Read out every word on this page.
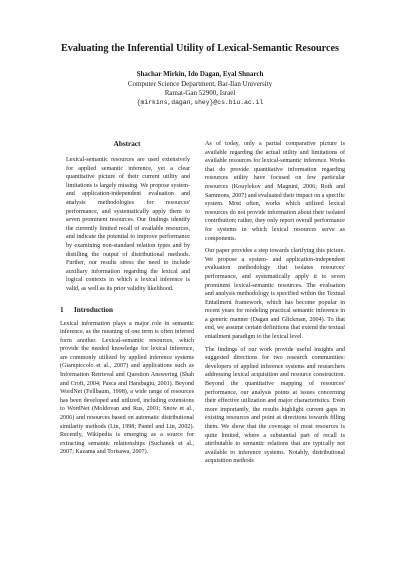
Evaluating the Inferential Utility of Lexical-Semantic Resources
Shachar Mirkin, Ido Dagan, Eyal Shnarch
Computer Science Department, Bar-Ilan University
Ramat-Gan 52900, Israel
{mirkins,dagan,shey}@cs.biu.ac.il
Abstract

Lexical-semantic resources are used extensively for applied semantic inference, yet a clear quantitative picture of their current utility and limitations is largely missing. We propose system- and application-independent evaluation and analysis methodologies for resources' performance, and systematically apply them to seven prominent resources. Our findings identify the currently limited recall of available resources, and indicate the potential to improve performance by examining non-standard relation types and by distilling the output of distributional methods. Further, our results stress the need to include auxiliary information regarding the lexical and logical contexts in which a lexical inference is valid, as well as its prior validity likelihood.

1 Introduction

Lexical information plays a major role in semantic inference, as the meaning of one term is often inferred form another. Lexical-semantic resources, which provide the needed knowledge for lexical inference, are commonly utilized by applied inference systems (Giampiccolo et al., 2007) and applications such as Information Retrieval and Question Answering (Shah and Croft, 2004; Pasca and Harabagiu, 2001). Beyond WordNet (Fellbaum, 1998), a wide range of resources has been developed and utilized, including extensions to WordNet (Moldovan and Rus, 2001; Snow et al., 2006) and resources based on automatic distributional similarity methods (Lin, 1998; Pantel and Lin, 2002). Recently, Wikipedia is emerging as a source for extracting semantic relationships (Suchanek et al., 2007; Kazama and Torisawa, 2007).

As of today, only a partial comparative picture is available regarding the actual utility and limitations of available resources for lexical-semantic inference. Works that do provide quantitative information regarding resources utility have focused on few particular resources (Kouylekov and Magnini, 2006; Roth and Sammons, 2007) and evaluated their impact on a specific system. Most often, works which utilized lexical resources do not provide information about their isolated contribution; rather, they only report overall performance for systems in which lexical resources serve as components.

Our paper provides a step towards clarifying this picture. We propose a system- and application-independent evaluation methodology that isolates resources' performance, and systematically apply it to seven prominent lexical-semantic resources. The evaluation and analysis methodology is specified within the Textual Entailment framework, which has become popular in recent years for modeling practical semantic inference in a generic manner (Dagan and Glickman, 2004). To that end, we assume certain definitions that extend the textual entailment paradigm to the lexical level.

The findings of our work provide useful insights and suggested directions for two research communities: developers of applied inference systems and researchers addressing lexical acquisition and resource construction. Beyond the quantitative mapping of resources' performance, our analysis points at issues concerning their effective utilization and major characteristics. Even more importantly, the results highlight current gaps in existing resources and point at directions towards filling them. We show that the coverage of most resources is quite limited, where a substantial part of recall is attributable to semantic relations that are typically not available to inference systems. Notably, distributional acquisition methods
